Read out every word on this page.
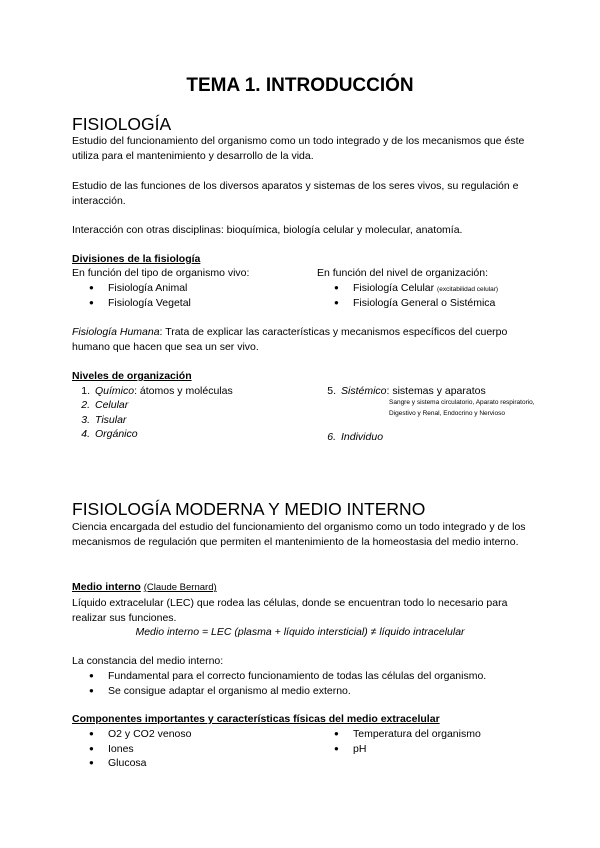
TEMA 1. INTRODUCCIÓN
FISIOLOGÍA
Estudio del funcionamiento del organismo como un todo integrado y de los mecanismos que éste utiliza para el mantenimiento y desarrollo de la vida.
Estudio de las funciones de los diversos aparatos y sistemas de los seres vivos, su regulación e interacción.
Interacción con otras disciplinas: bioquímica, biología celular y molecular, anatomía.
Divisiones de la fisiología
En función del tipo de organismo vivo:
● Fisiología Animal
● Fisiología Vegetal
En función del nivel de organización:
● Fisiología Celular (excitabilidad celular)
● Fisiología General o Sistémica
Fisiología Humana: Trata de explicar las características y mecanismos específicos del cuerpo humano que hacen que sea un ser vivo.
Niveles de organización
1. Químico: átomos y moléculas
2. Celular
3. Tisular
4. Orgánico
5. Sistémico: sistemas y aparatos
Sangre y sistema circulatorio, Aparato respiratorio, Digestivo y Renal, Endocrino y Nervioso
6. Individuo
FISIOLOGÍA MODERNA Y MEDIO INTERNO
Ciencia encargada del estudio del funcionamiento del organismo como un todo integrado y de los mecanismos de regulación que permiten el mantenimiento de la homeostasia del medio interno.
Medio interno (Claude Bernard)
Líquido extracelular (LEC) que rodea las células, donde se encuentran todo lo necesario para realizar sus funciones.
Medio interno = LEC (plasma + líquido intersticial) ≠ líquido intracelular
La constancia del medio interno:
● Fundamental para el correcto funcionamiento de todas las células del organismo.
● Se consigue adaptar el organismo al medio externo.
Componentes importantes y características físicas del medio extracelular
● O2 y CO2 venoso
● Iones
● Glucosa
● Temperatura del organismo
● pH
